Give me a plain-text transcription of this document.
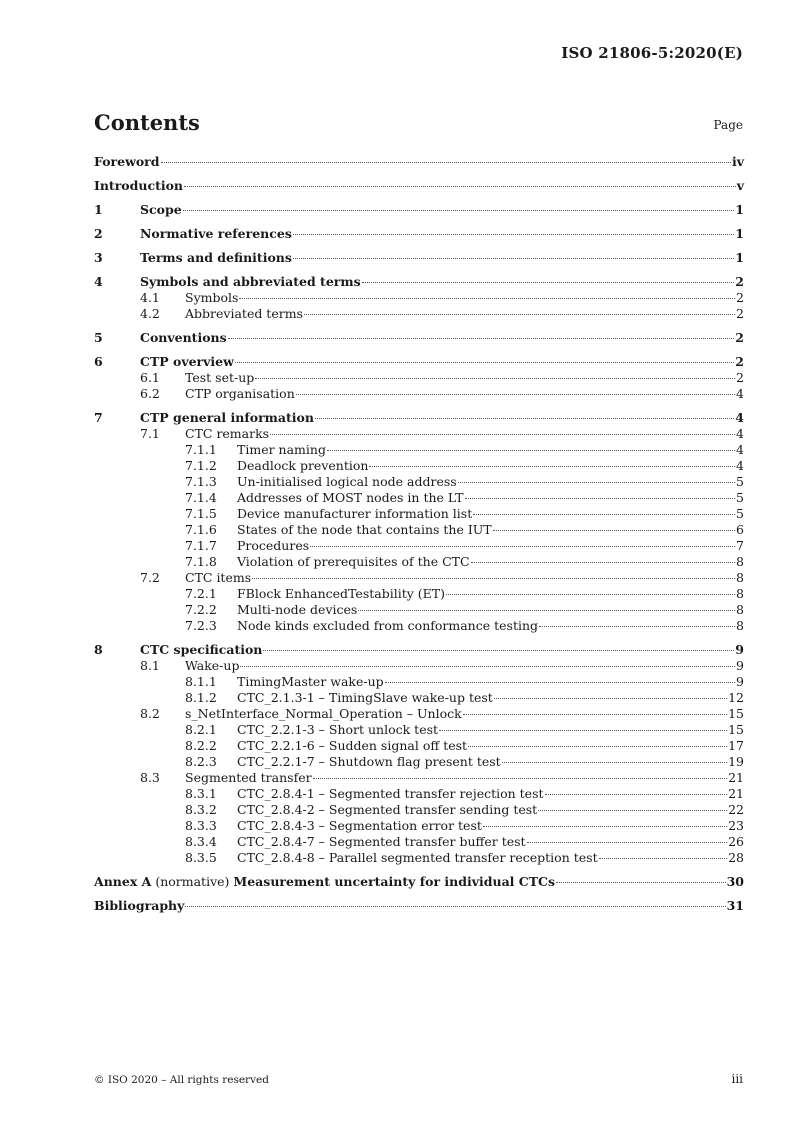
ISO 21806-5:2020(E)
Contents	Page
Foreword	iv
Introduction	v
1	Scope	1
2	Normative references	1
3	Terms and definitions	1
4	Symbols and abbreviated terms	2
4.1	Symbols	2
4.2	Abbreviated terms	2
5	Conventions	2
6	CTP overview	2
6.1	Test set-up	2
6.2	CTP organisation	4
7	CTP general information	4
7.1	CTC remarks	4
7.1.1	Timer naming	4
7.1.2	Deadlock prevention	4
7.1.3	Un-initialised logical node address	5
7.1.4	Addresses of MOST nodes in the LT	5
7.1.5	Device manufacturer information list	5
7.1.6	States of the node that contains the IUT	6
7.1.7	Procedures	7
7.1.8	Violation of prerequisites of the CTC	8
7.2	CTC items	8
7.2.1	FBlock EnhancedTestability (ET)	8
7.2.2	Multi-node devices	8
7.2.3	Node kinds excluded from conformance testing	8
8	CTC specification	9
8.1	Wake-up	9
8.1.1	TimingMaster wake-up	9
8.1.2	CTC_2.1.3-1 – TimingSlave wake-up test	12
8.2	s_NetInterface_Normal_Operation – Unlock	15
8.2.1	CTC_2.2.1-3 – Short unlock test	15
8.2.2	CTC_2.2.1-6 – Sudden signal off test	17
8.2.3	CTC_2.2.1-7 – Shutdown flag present test	19
8.3	Segmented transfer	21
8.3.1	CTC_2.8.4-1 – Segmented transfer rejection test	21
8.3.2	CTC_2.8.4-2 – Segmented transfer sending test	22
8.3.3	CTC_2.8.4-3 – Segmentation error test	23
8.3.4	CTC_2.8.4-7 – Segmented transfer buffer test	26
8.3.5	CTC_2.8.4-8 – Parallel segmented transfer reception test	28
Annex A (normative) Measurement uncertainty for individual CTCs	30
Bibliography	31
© ISO 2020 – All rights reserved	iii
